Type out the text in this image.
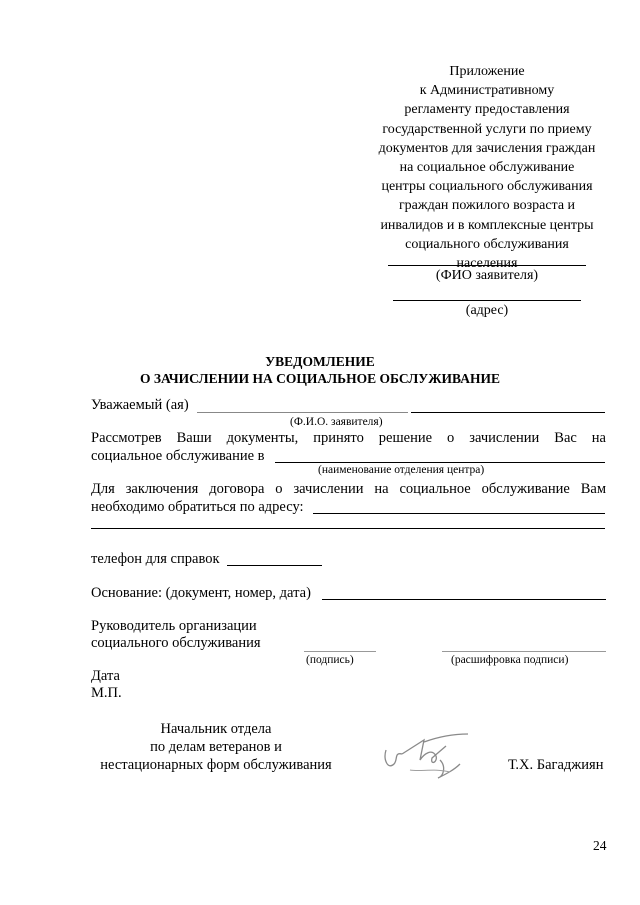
Приложение
к Административному
регламенту предоставления
государственной услуги по приему
документов для зачисления граждан
на социальное обслуживание
центры социального обслуживания
граждан пожилого возраста и
инвалидов и в комплексные центры
социального обслуживания
населения
(ФИО заявителя)
(адрес)
УВЕДОМЛЕНИЕ
О ЗАЧИСЛЕНИИ НА СОЦИАЛЬНОЕ ОБСЛУЖИВАНИЕ
Уважаемый (ая)
(Ф.И.О. заявителя)
Рассмотрев Ваши документы, принято решение о зачислении Вас на
социальное обслуживание в
(наименование отделения центра)
Для заключения договора о зачислении на социальное обслуживание Вам
необходимо обратиться по адресу:
телефон для справок
Основание: (документ, номер, дата)
Руководитель организации
социального обслуживания
(подпись)	(расшифровка подписи)
Дата
М.П.
Начальник отдела
по делам ветеранов и
нестационарных форм обслуживания	Т.Х. Багаджиян
24
